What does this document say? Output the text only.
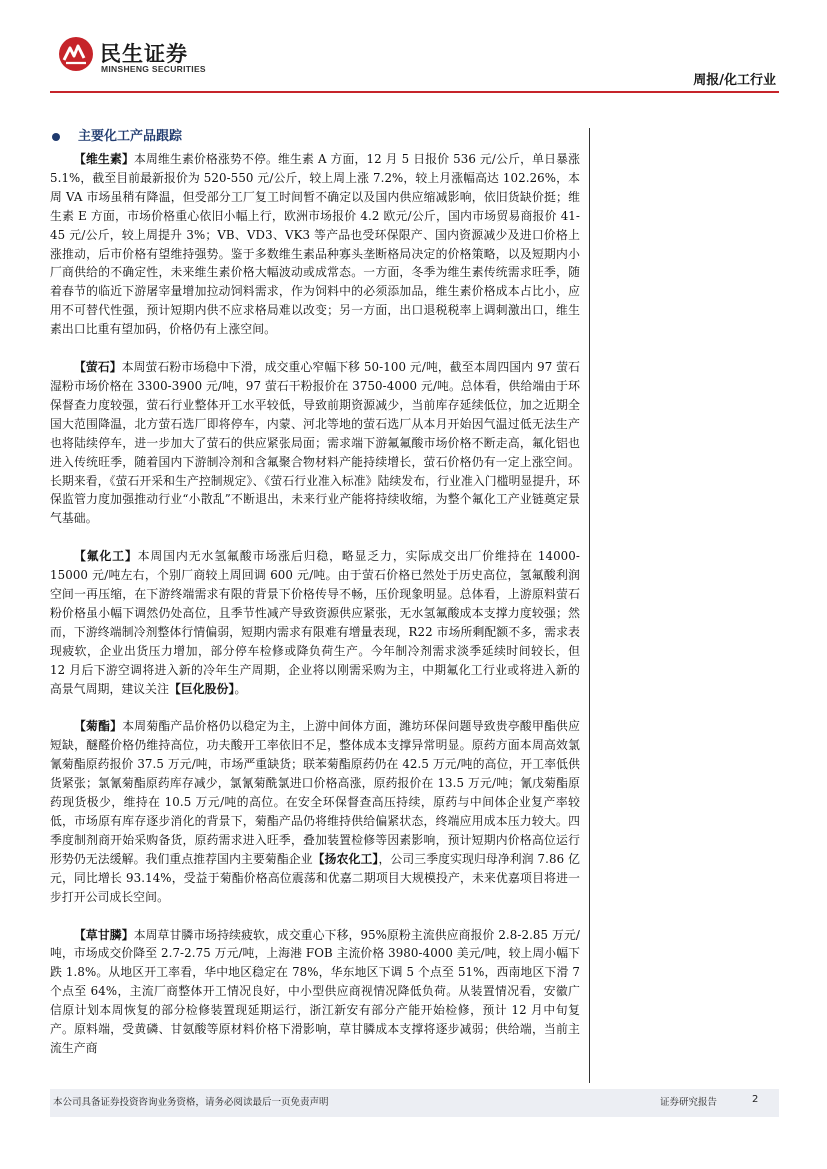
民生证券
MINSHENG SECURITIES
周报/化工行业
主要化工产品跟踪

【维生素】本周维生素价格涨势不停。维生素 A 方面，12 月 5 日报价 536 元/公斤，单日暴涨 5.1%，截至目前最新报价为 520-550 元/公斤，较上周上涨 7.2%，较上月涨幅高达 102.26%，本周 VA 市场虽稍有降温，但受部分工厂复工时间暂不确定以及国内供应缩减影响，依旧货缺价挺；维生素 E 方面，市场价格重心依旧小幅上行，欧洲市场报价 4.2 欧元/公斤，国内市场贸易商报价 41-45 元/公斤，较上周提升 3%；VB、VD3、VK3 等产品也受环保限产、国内资源减少及进口价格上涨推动，后市价格有望维持强势。鉴于多数维生素品种寡头垄断格局决定的价格策略，以及短期内小厂商供给的不确定性，未来维生素价格大幅波动或成常态。一方面，冬季为维生素传统需求旺季，随着春节的临近下游屠宰量增加拉动饲料需求，作为饲料中的必须添加品，维生素价格成本占比小，应用不可替代性强，预计短期内供不应求格局难以改变；另一方面，出口退税税率上调刺激出口，维生素出口比重有望加码，价格仍有上涨空间。

【萤石】本周萤石粉市场稳中下滑，成交重心窄幅下移 50-100 元/吨，截至本周四国内 97 萤石湿粉市场价格在 3300-3900 元/吨，97 萤石干粉报价在 3750-4000 元/吨。总体看，供给端由于环保督查力度较强，萤石行业整体开工水平较低，导致前期资源减少，当前库存延续低位，加之近期全国大范围降温，北方萤石选厂即将停车，内蒙、河北等地的萤石选厂从本月开始因气温过低无法生产也将陆续停车，进一步加大了萤石的供应紧张局面；需求端下游氟氟酸市场价格不断走高，氟化铝也进入传统旺季，随着国内下游制冷剂和含氟聚合物材料产能持续增长，萤石价格仍有一定上涨空间。长期来看，《萤石开采和生产控制规定》、《萤石行业准入标准》陆续发布，行业准入门槛明显提升，环保监管力度加强推动行业“小散乱”不断退出，未来行业产能将持续收缩，为整个氟化工产业链奠定景气基础。

【氟化工】本周国内无水氢氟酸市场涨后归稳，略显乏力，实际成交出厂价维持在 14000-15000 元/吨左右，个别厂商较上周回调 600 元/吨。由于萤石价格已然处于历史高位，氢氟酸利润空间一再压缩，在下游终端需求有限的背景下价格传导不畅，压价现象明显。总体看，上游原料萤石粉价格虽小幅下调然仍处高位，且季节性减产导致资源供应紧张，无水氢氟酸成本支撑力度较强；然而，下游终端制冷剂整体行情偏弱，短期内需求有限难有增量表现，R22 市场所剩配额不多，需求表现疲软，企业出货压力增加，部分停车检修或降负荷生产。今年制冷剂需求淡季延续时间较长，但 12 月后下游空调将进入新的冷年生产周期，企业将以刚需采购为主，中期氟化工行业或将进入新的高景气周期，建议关注【巨化股份】。

【菊酯】本周菊酯产品价格仍以稳定为主，上游中间体方面，潍坊环保问题导致贵亭酸甲酯供应短缺，醚醛价格仍维持高位，功夫酸开工率依旧不足，整体成本支撑异常明显。原药方面本周高效氯氰菊酯原药报价 37.5 万元/吨，市场严重缺货；联苯菊酯原药仍在 42.5 万元/吨的高位，开工率低供货紧张；氯氰菊酯原药库存减少，氯氰菊酰氯进口价格高涨，原药报价在 13.5 万元/吨；氰戊菊酯原药现货极少，维持在 10.5 万元/吨的高位。在安全环保督查高压持续，原药与中间体企业复产率较低，市场原有库存逐步消化的背景下，菊酯产品仍将维持供给偏紧状态，终端应用成本压力较大。四季度制剂商开始采购备货，原药需求进入旺季，叠加装置检修等因素影响，预计短期内价格高位运行形势仍无法缓解。我们重点推荐国内主要菊酯企业【扬农化工】，公司三季度实现归母净利润 7.86 亿元，同比增长 93.14%，受益于菊酯价格高位震荡和优嘉二期项目大规模投产，未来优嘉项目将进一步打开公司成长空间。

【草甘膦】本周草甘膦市场持续疲软，成交重心下移，95%原粉主流供应商报价 2.8-2.85 万元/吨，市场成交价降至 2.7-2.75 万元/吨，上海港 FOB 主流价格 3980-4000 美元/吨，较上周小幅下跌 1.8%。从地区开工率看，华中地区稳定在 78%，华东地区下调 5 个点至 51%，西南地区下滑 7 个点至 64%，主流厂商整体开工情况良好，中小型供应商视情况降低负荷。从装置情况看，安徽广信原计划本周恢复的部分检修装置现延期运行，浙江新安有部分产能开始检修，预计 12 月中旬复产。原料端，受黄磷、甘氨酸等原材料价格下滑影响，草甘膦成本支撑将逐步减弱；供给端，当前主流生产商

本公司具备证券投资咨询业务资格，请务必阅读最后一页免责声明	证券研究报告	2
